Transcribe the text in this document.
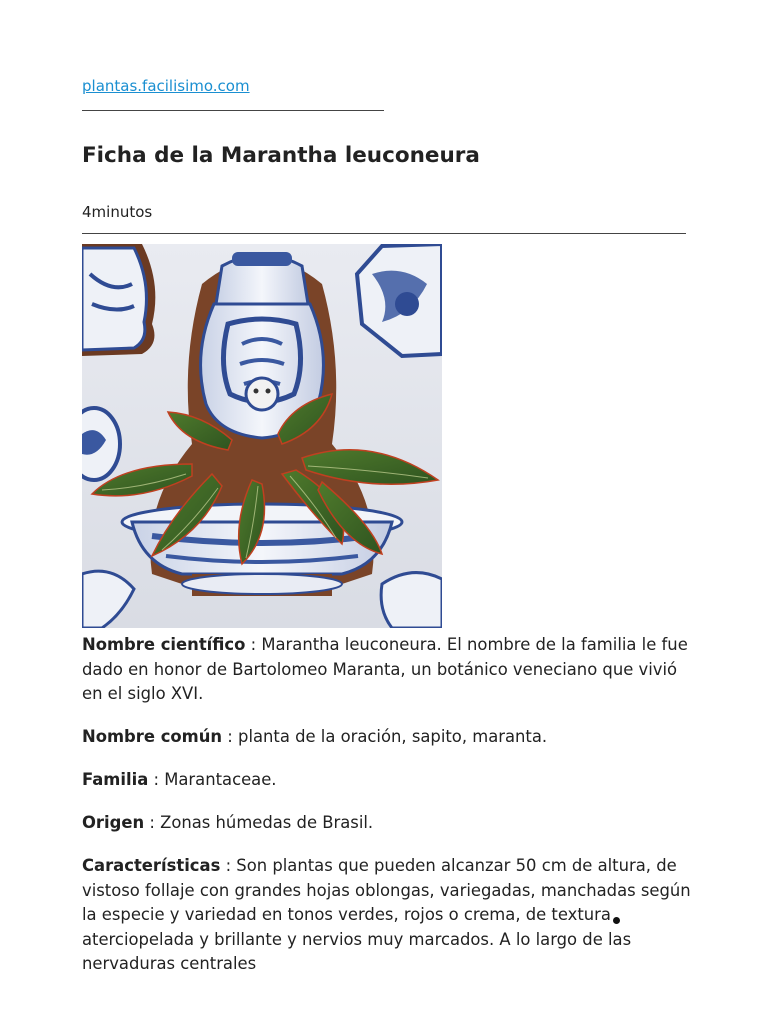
plantas.facilisimo.com
Ficha de la Marantha leuconeura
4minutos

Nombre científico : Marantha leuconeura. El nombre de la familia le fue dado en honor de Bartolomeo Maranta, un botánico veneciano que vivió en el siglo XVI.

Nombre común : planta de la oración, sapito, maranta.

Familia : Marantaceae.

Origen : Zonas húmedas de Brasil.

Características : Son plantas que pueden alcanzar 50 cm de altura, de vistoso follaje con grandes hojas oblongas, variegadas, manchadas según la especie y variedad en tonos verdes, rojos o crema, de textura aterciopelada y brillante y nervios muy marcados. A lo largo de las nervaduras centrales
